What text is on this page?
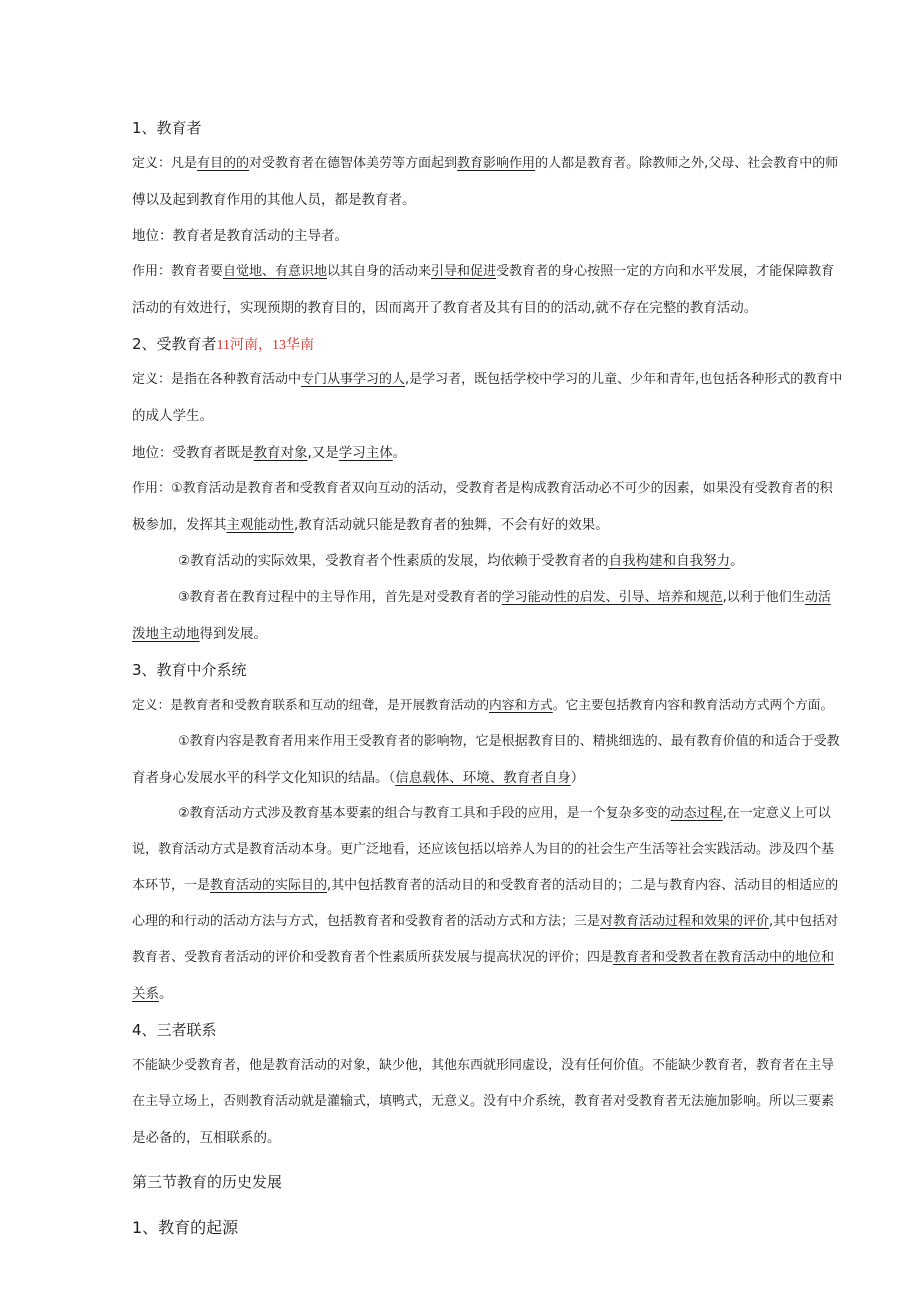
1、教育者
定义：凡是有目的的对受教育者在德智体美劳等方面起到教育影响作用的人都是教育者。除教师之外,父母、社会教育中的师
傅以及起到教育作用的其他人员，都是教育者。
地位：教育者是教育活动的主导者。
作用：教育者要自觉地、有意识地以其自身的活动来引导和促进受教育者的身心按照一定的方向和水平发展，才能保障教育
活动的有效进行，实现预期的教育目的，因而离开了教育者及其有目的的活动,就不存在完整的教育活动。
2、受教育者11河南，13华南
定义：是指在各种教育活动中专门从事学习的人,是学习者，既包括学校中学习的儿童、少年和青年,也包括各种形式的教育中
的成人学生。
地位：受教育者既是教育对象,又是学习主体。
作用：①教育活动是教育者和受教育者双向互动的活动，受教育者是构成教育活动必不可少的因素，如果没有受教育者的积
极参加，发挥其主观能动性,教育活动就只能是教育者的独舞，不会有好的效果。
②教育活动的实际效果，受教育者个性素质的发展，均依赖于受教育者的自我构建和自我努力。
③教育者在教育过程中的主导作用，首先是对受教育者的学习能动性的启发、引导、培养和规范,以利于他们生动活
泼地主动地得到发展。
3、教育中介系统
定义：是教育者和受教育联系和互动的纽聋，是开展教育活动的内容和方式。它主要包括教育内容和教育活动方式两个方面。
①教育内容是教育者用来作用王受教育者的影响物，它是根据教育目的、精挑细选的、最有教育价值的和适合于受教
育者身心发展水平的科学文化知识的结晶。（信息载体、环境、教育者自身）
②教育活动方式涉及教育基本要素的组合与教育工具和手段的应用，是一个复杂多变的动态过程,在一定意义上可以
说，教育活动方式是教育活动本身。更广泛地看，还应该包括以培养人为目的的社会生产生活等社会实践活动。涉及四个基
本环节，一是教育活动的实际目的,其中包括教育者的活动目的和受教育者的活动目的；二是与教育内容、活动目的相适应的
心理的和行动的活动方法与方式，包括教育者和受教育者的活动方式和方法；三是对教育活动过程和效果的评价,其中包括对
教育者、受教育者活动的评价和受教育者个性素质所获发展与提高状况的评价；四是教育者和受教者在教育活动中的地位和
关系。
4、三者联系
不能缺少受教育者，他是教育活动的对象，缺少他，其他东西就形同虚设，没有任何价值。不能缺少教育者，教育者在主导
在主导立场上，否则教育活动就是灌输式，填鸭式，无意义。没有中介系统，教育者对受教育者无法施加影响。所以三要素
是必备的，互相联系的。
第三节教育的历史发展
1、教育的起源
